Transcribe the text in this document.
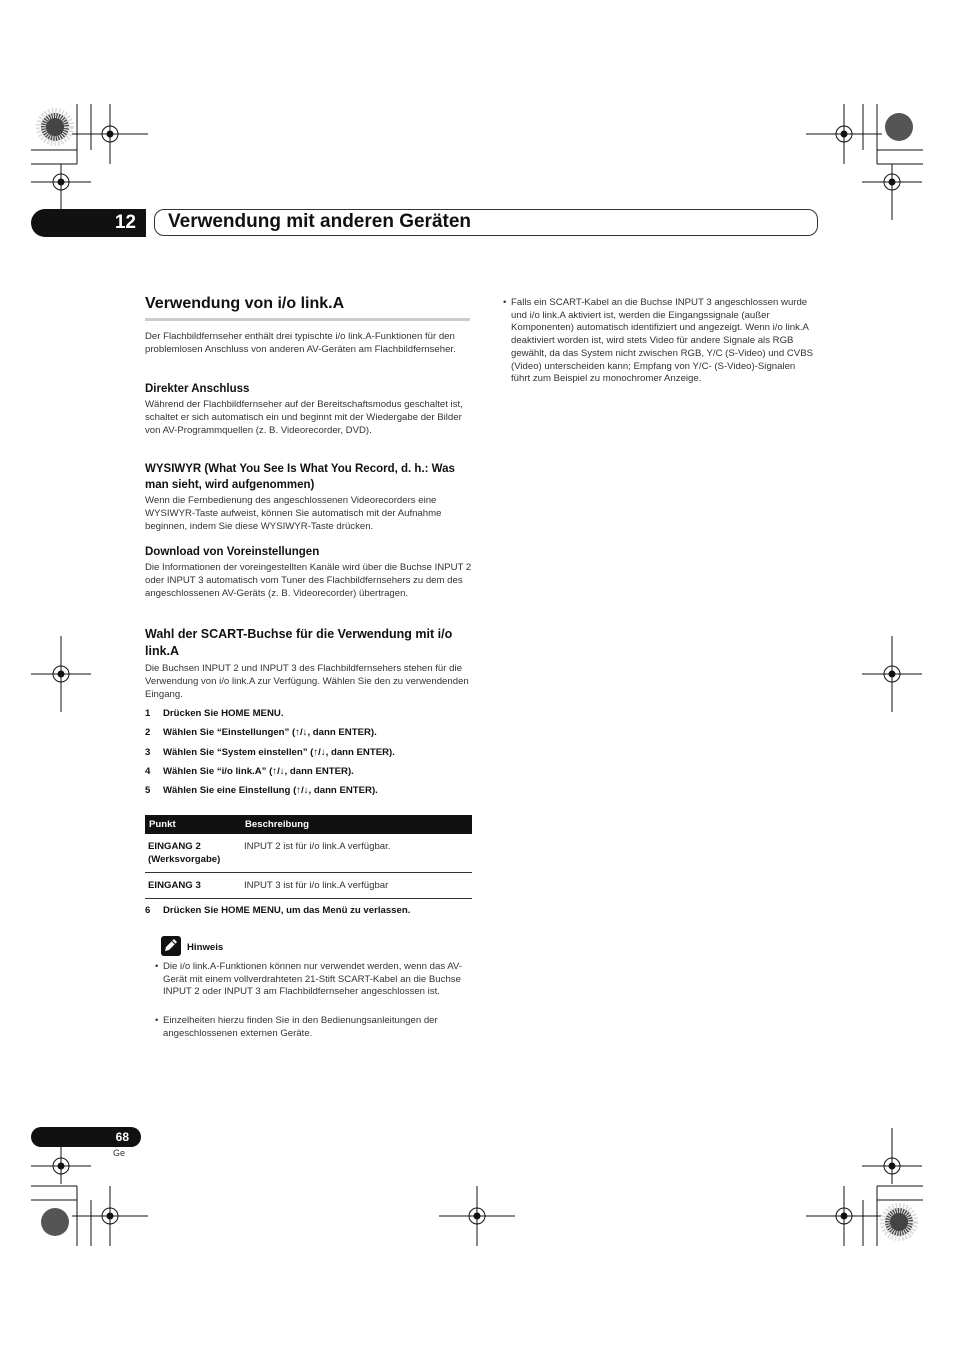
12	Verwendung mit anderen Geräten
Verwendung von i/o link.A
Der Flachbildfernseher enthält drei typischte i/o link.A-Funktionen für den problemlosen Anschluss von anderen AV-Geräten am Flachbildfernseher.
Direkter Anschluss
Während der Flachbildfernseher auf der Bereitschaftsmodus geschaltet ist, schaltet er sich automatisch ein und beginnt mit der Wiedergabe der Bilder von AV-Programmquellen (z. B. Videorecorder, DVD).
WYSIWYR (What You See Is What You Record, d. h.: Was man sieht, wird aufgenommen)
Wenn die Fernbedienung des angeschlossenen Videorecorders eine WYSIWYR-Taste aufweist, können Sie automatisch mit der Aufnahme beginnen, indem Sie diese WYSIWYR-Taste drücken.
Download von Voreinstellungen
Die Informationen der voreingestellten Kanäle wird über die Buchse INPUT 2 oder INPUT 3 automatisch vom Tuner des Flachbildfernsehers zu dem des angeschlossenen AV-Geräts (z. B. Videorecorder) übertragen.
Wahl der SCART-Buchse für die Verwendung mit i/o link.A
Die Buchsen INPUT 2 und INPUT 3 des Flachbildfernsehers stehen für die Verwendung von i/o link.A zur Verfügung. Wählen Sie den zu verwendenden Eingang.
1 Drücken Sie HOME MENU.
2 Wählen Sie “Einstellungen” (↑/↓, dann ENTER).
3 Wählen Sie “System einstellen” (↑/↓, dann ENTER).
4 Wählen Sie “i/o link.A” (↑/↓, dann ENTER).
5 Wählen Sie eine Einstellung (↑/↓, dann ENTER).
Punkt	Beschreibung
EINGANG 2 (Werksvorgabe)	INPUT 2 ist für i/o link.A verfügbar.
EINGANG 3	INPUT 3 ist für i/o link.A verfügbar
6 Drücken Sie HOME MENU, um das Menü zu verlassen.
Hinweis
• Die i/o link.A-Funktionen können nur verwendet werden, wenn das AV-Gerät mit einem vollverdrahteten 21-Stift SCART-Kabel an die Buchse INPUT 2 oder INPUT 3 am Flachbildfernseher angeschlossen ist.
• Einzelheiten hierzu finden Sie in den Bedienungsanleitungen der angeschlossenen externen Geräte.
• Falls ein SCART-Kabel an die Buchse INPUT 3 angeschlossen wurde und i/o link.A aktiviert ist, werden die Eingangssignale (außer Komponenten) automatisch identifiziert und angezeigt. Wenn i/o link.A deaktiviert worden ist, wird stets Video für andere Signale als RGB gewählt, da das System nicht zwischen RGB, Y/C (S-Video) und CVBS (Video) unterscheiden kann; Empfang von Y/C- (S-Video)-Signalen führt zum Beispiel zu monochromer Anzeige.
68
Ge
